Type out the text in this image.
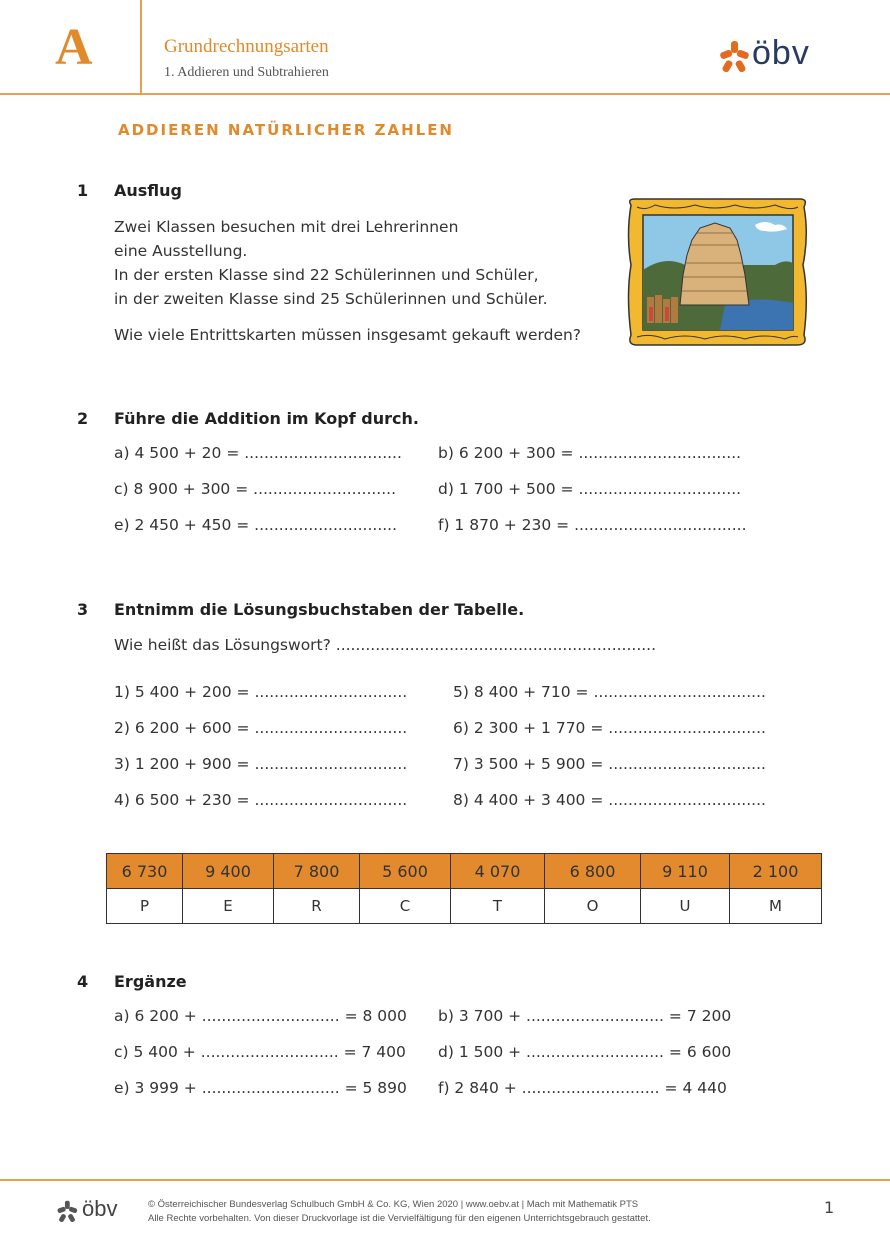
A	Grundrechnungsarten
1. Addieren und Subtrahieren
öbv
ADDIEREN NATÜRLICHER ZAHLEN
1 Ausflug
Zwei Klassen besuchen mit drei Lehrerinnen
eine Ausstellung.
In der ersten Klasse sind 22 Schülerinnen und Schüler,
in der zweiten Klasse sind 25 Schülerinnen und Schüler.
Wie viele Entrittskarten müssen insgesamt gekauft werden?
2 Führe die Addition im Kopf durch.
a) 4 500 + 20 = ................................ b) 6 200 + 300 = .................................
c) 8 900 + 300 = .............................	d) 1 700 + 500 = .................................
e) 2 450 + 450 = .............................	f) 1 870 + 230 = ...................................
3 Entnimm die Lösungsbuchstaben der Tabelle.
Wie heißt das Lösungswort? .................................................................
1) 5 400 + 200 = ...............................
2) 6 200 + 600 = ...............................
3) 1 200 + 900 = ...............................
4) 6 500 + 230 = ...............................
5) 8 400 + 710 = ...................................
6) 2 300 + 1 770 = ................................
7) 3 500 + 5 900 = ................................
8) 4 400 + 3 400 = ................................
6 730	9 400	7 800	5 600	4 070	6 800	9 110	2 100
P	E	R	C	T	O	U	M
4 Ergänze
a) 6 200 + ............................ = 8 000 b) 3 700 + ............................ = 7 200
c) 5 400 + ............................ = 7 400 d) 1 500 + ............................ = 6 600
e) 3 999 + ............................ = 5 890 f) 2 840 + ............................ = 4 440
öbv	© Österreichischer Bundesverlag Schulbuch GmbH & Co. KG, Wien 2020 | www.oebv.at | Mach mit Mathematik PTS
Alle Rechte vorbehalten. Von dieser Druckvorlage ist die Vervielfältigung für den eigenen Unterrichtsgebrauch gestattet.
1
